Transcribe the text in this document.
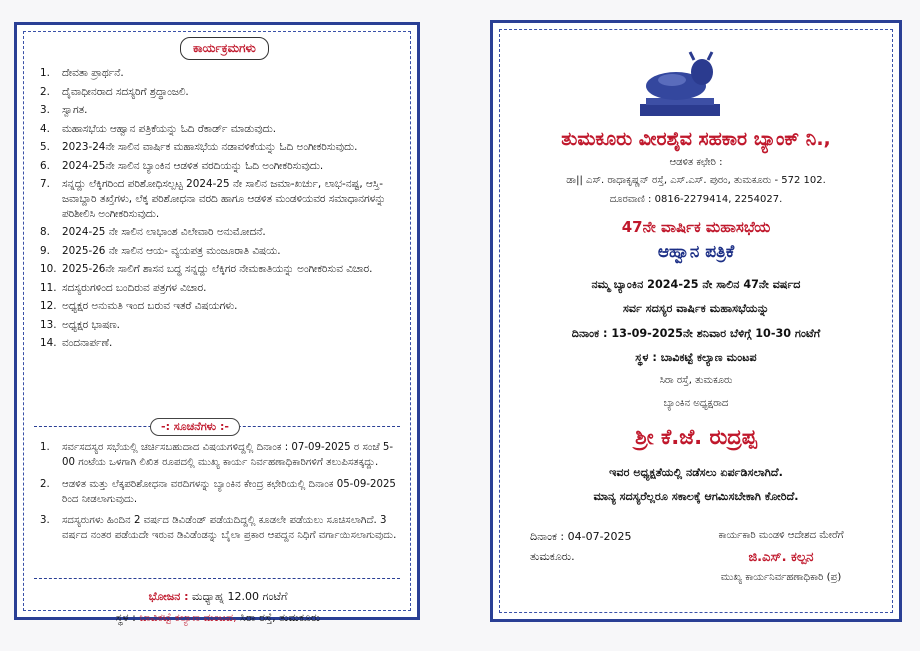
ಕಾರ್ಯಕ್ರಮಗಳು
1.	ದೇವತಾ ಪ್ರಾರ್ಥನೆ.
2.	ದೈವಾಧೀನರಾದ ಸದಸ್ಯರಿಗೆ ಶ್ರದ್ಧಾಂಜಲಿ.
3.	ಸ್ವಾಗತ.
4.	ಮಹಾಸಭೆಯ ಆಹ್ವಾನ ಪತ್ರಿಕೆಯನ್ನು ಓದಿ ರೆಕಾರ್ಡ್ ಮಾಡುವುದು.
5.	2023-24ನೇ ಸಾಲಿನ ವಾರ್ಷಿಕ ಮಹಾಸಭೆಯ ನಡಾವಳಿಕೆಯನ್ನು ಓದಿ ಅಂಗೀಕರಿಸುವುದು.
6.	2024-25ನೇ ಸಾಲಿನ ಬ್ಯಾಂಕಿನ ಆಡಳಿತ ವರದಿಯನ್ನು ಓದಿ ಅಂಗೀಕರಿಸುವುದು.
7.	ಸನ್ನದ್ದು ಲೆಕ್ಕಿಗರಿಂದ ಪರಿಶೋಧಿಸಲ್ಪಟ್ಟ 2024-25 ನೇ ಸಾಲಿನ ಜಮಾ-ಖರ್ಚು, ಲಾಭ-ನಷ್ಟ, ಆಸ್ತಿ-ಜವಾಬ್ದಾರಿ ತಖ್ತೆಗಳು, ಲೆಕ್ಕ ಪರಿಶೋಧನಾ ವರದಿ ಹಾಗೂ ಆಡಳಿತ ಮಂಡಳಿಯವರ ಸಮಾಧಾನಗಳನ್ನು ಪರಿಶೀಲಿಸಿ ಅಂಗೀಕರಿಸುವುದು.
8.	2024-25 ನೇ ಸಾಲಿನ ಲಾಭಾಂಶ ವಿಲೇವಾರಿ ಅನುಮೋದನೆ.
9.	2025-26 ನೇ ಸಾಲಿನ ಆಯ- ವ್ಯಯಪತ್ರ ಮಂಜೂರಾತಿ ವಿಷಯ.
10. 2025-26ನೇ ಸಾಲಿಗೆ ಶಾಸನ ಬದ್ಧ ಸನ್ನದ್ದು ಲೆಕ್ಕಿಗರ ನೇಮಕಾತಿಯನ್ನು ಅಂಗೀಕರಿಸುವ ವಿಚಾರ.
11. ಸದಸ್ಯರುಗಳಿಂದ ಬಂದಿರುವ ಪತ್ರಗಳ ವಿಚಾರ.
12. ಅಧ್ಯಕ್ಷರ ಅನುಮತಿ ಇಂದ ಬರುವ ಇತರೆ ವಿಷಯಗಳು.
13. ಅಧ್ಯಕ್ಷರ ಭಾಷಣ.
14. ವಂದನಾರ್ಪಣೆ.
-: ಸೂಚನೆಗಳು :-
1.	ಸರ್ವಸದಸ್ಯರ ಸಭೆಯಲ್ಲಿ ಚರ್ಚಿಸಬಹುದಾದ ವಿಷಯಗಳಿದ್ದಲ್ಲಿ ದಿನಾಂಕ : 07-09-2025 ರ ಸಂಜೆ 5-00 ಗಂಟೆಯ ಒಳಗಾಗಿ ಲಿಖಿತ ರೂಪದಲ್ಲಿ ಮುಖ್ಯ ಕಾರ್ಯ ನಿರ್ವಹಣಾಧಿಕಾರಿಗಳಿಗೆ ತಲುಪಿಸತಕ್ಕದ್ದು.
2.	ಆಡಳಿತ ಮತ್ತು ಲೆಕ್ಕಪರಿಶೋಧನಾ ವರದಿಗಳನ್ನು ಬ್ಯಾಂಕಿನ ಕೇಂದ್ರ ಕಛೇರಿಯಲ್ಲಿ ದಿನಾಂಕ 05-09-2025 ರಿಂದ ನೀಡಲಾಗುವುದು.
3.	ಸದಸ್ಯರುಗಳು ಹಿಂದಿನ 2 ವರ್ಷದ ಡಿವಿಡೆಂಡ್ ಪಡೆಯದಿದ್ದಲ್ಲಿ ಕೂಡಲೇ ಪಡೆಯಲು ಸೂಚಿಸಲಾಗಿದೆ. 3 ವರ್ಷದ ನಂತರ ಪಡೆಯದೇ ಇರುವ ಡಿವಿಡೆಂಡನ್ನು ಬೈಲಾ ಪ್ರಕಾರ ಆಪದ್ದನ ನಿಧಿಗೆ ವರ್ಗಾಯಿಸಲಾಗುವುದು.
ಭೋಜನ : ಮಧ್ಯಾಹ್ನ 12.00 ಗಂಟೆಗೆ
ಸ್ಥಳ : ಬಾವಿಕಟ್ಟೆ ಕಲ್ಯಾಣ ಮಂಟಪ, ಸಿರಾ ರಸ್ತೆ, ತುಮಕೂರು
ತುಮಕೂರು ವೀರಶೈವ ಸಹಕಾರ ಬ್ಯಾಂಕ್ ನಿ.,
ಆಡಳಿತ ಕಛೇರಿ :
ಡಾ|| ಎಸ್. ರಾಧಾಕೃಷ್ಣನ್ ರಸ್ತೆ, ಎಸ್.ಎಸ್. ಪುರಂ, ತುಮಕೂರು - 572 102.
ದೂರವಾಣಿ : 0816-2279414, 2254027.
47ನೇ ವಾರ್ಷಿಕ ಮಹಾಸಭೆಯ
ಆಹ್ವಾನ ಪತ್ರಿಕೆ
ನಮ್ಮ ಬ್ಯಾಂಕಿನ 2024-25 ನೇ ಸಾಲಿನ 47ನೇ ವರ್ಷದ
ಸರ್ವ ಸದಸ್ಯರ ವಾರ್ಷಿಕ ಮಹಾಸಭೆಯನ್ನು
ದಿನಾಂಕ : 13-09-2025ನೇ ಶನಿವಾರ ಬೆಳಿಗ್ಗೆ 10-30 ಗಂಟೆಗೆ
ಸ್ಥಳ : ಬಾವಿಕಟ್ಟೆ ಕಲ್ಯಾಣ ಮಂಟಪ
ಸಿರಾ ರಸ್ತೆ, ತುಮಕೂರು
ಬ್ಯಾಂಕಿನ ಅಧ್ಯಕ್ಷರಾದ
ಶ್ರೀ ಕೆ.ಜೆ. ರುದ್ರಪ್ಪ
ಇವರ ಅಧ್ಯಕ್ಷತೆಯಲ್ಲಿ ನಡೆಸಲು ಏರ್ಪಡಿಸಲಾಗಿದೆ.
ಮಾನ್ಯ ಸದಸ್ಯರೆಲ್ಲರೂ ಸಕಾಲಕ್ಕೆ ಆಗಮಿಸಬೇಕಾಗಿ ಕೋರಿದೆ.
ದಿನಾಂಕ : 04-07-2025
ತುಮಕೂರು.
ಕಾರ್ಯಕಾರಿ ಮಂಡಳಿ ಆದೇಶದ ಮೇರೆಗೆ
ಜಿ.ಎಸ್. ಕಲ್ಪನ
ಮುಖ್ಯ ಕಾರ್ಯನಿರ್ವಹಣಾಧಿಕಾರಿ (ಪ್ರ)
